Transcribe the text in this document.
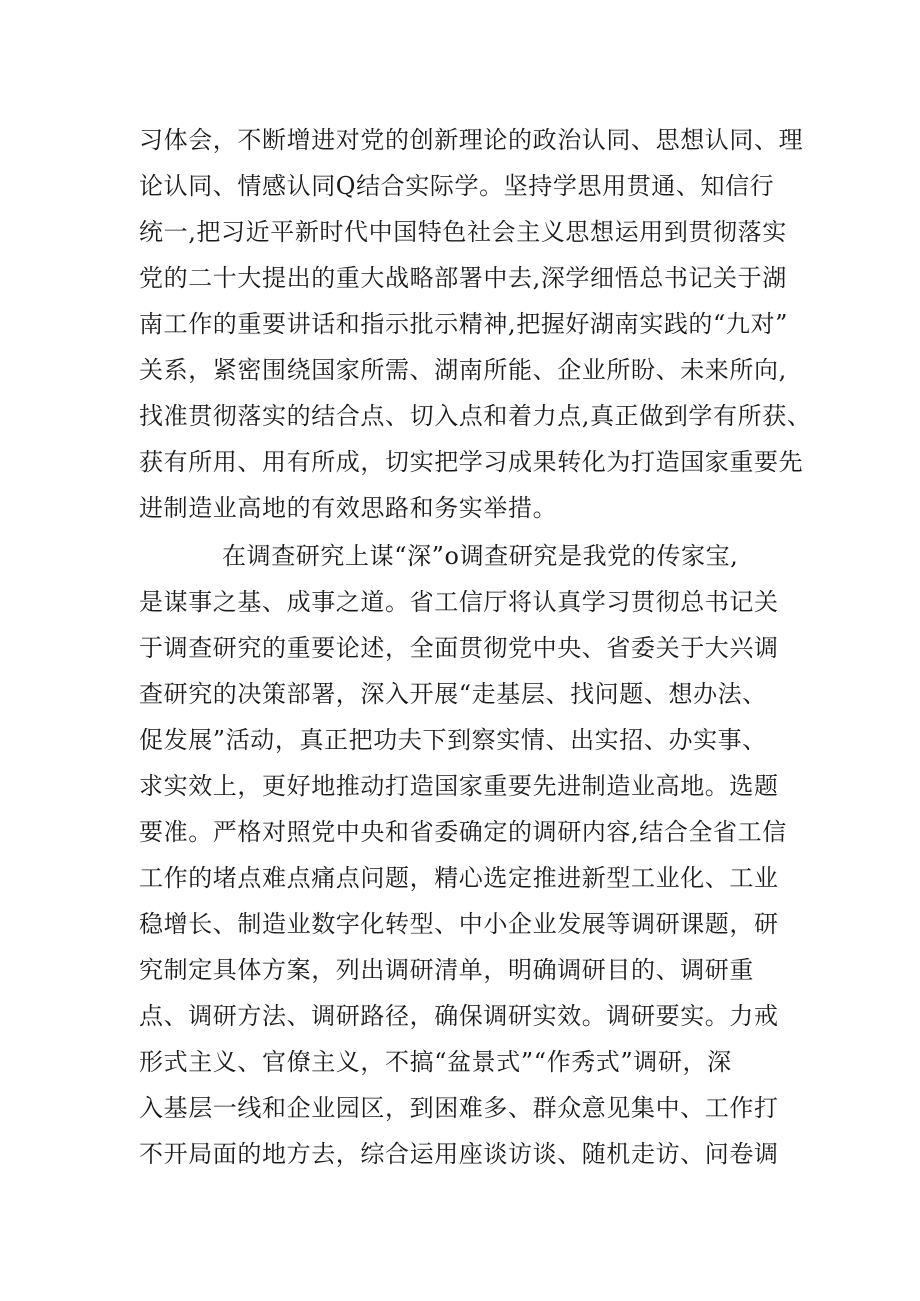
习体会，不断增进对党的创新理论的政治认同、思想认同、理
论认同、情感认同Q结合实际学。坚持学思用贯通、知信行
统一,把习近平新时代中国特色社会主义思想运用到贯彻落实
党的二十大提出的重大战略部署中去,深学细悟总书记关于湖
南工作的重要讲话和指示批示精神,把握好湖南实践的“九对”
关系，紧密围绕国家所需、湖南所能、企业所盼、未来所向,
找准贯彻落实的结合点、切入点和着力点,真正做到学有所获、
获有所用、用有所成，切实把学习成果转化为打造国家重要先
进制造业高地的有效思路和务实举措。
在调查研究上谋“深”o调查研究是我党的传家宝,
是谋事之基、成事之道。省工信厅将认真学习贯彻总书记关
于调查研究的重要论述，全面贯彻党中央、省委关于大兴调
查研究的决策部署，深入开展“走基层、找问题、想办法、
促发展”活动，真正把功夫下到察实情、出实招、办实事、
求实效上，更好地推动打造国家重要先进制造业高地。选题
要准。严格对照党中央和省委确定的调研内容,结合全省工信
工作的堵点难点痛点问题，精心选定推进新型工业化、工业
稳增长、制造业数字化转型、中小企业发展等调研课题，研
究制定具体方案，列出调研清单，明确调研目的、调研重
点、调研方法、调研路径，确保调研实效。调研要实。力戒
形式主义、官僚主义，不搞“盆景式”“作秀式”调研，深
入基层一线和企业园区，到困难多、群众意见集中、工作打
不开局面的地方去，综合运用座谈访谈、随机走访、问卷调
